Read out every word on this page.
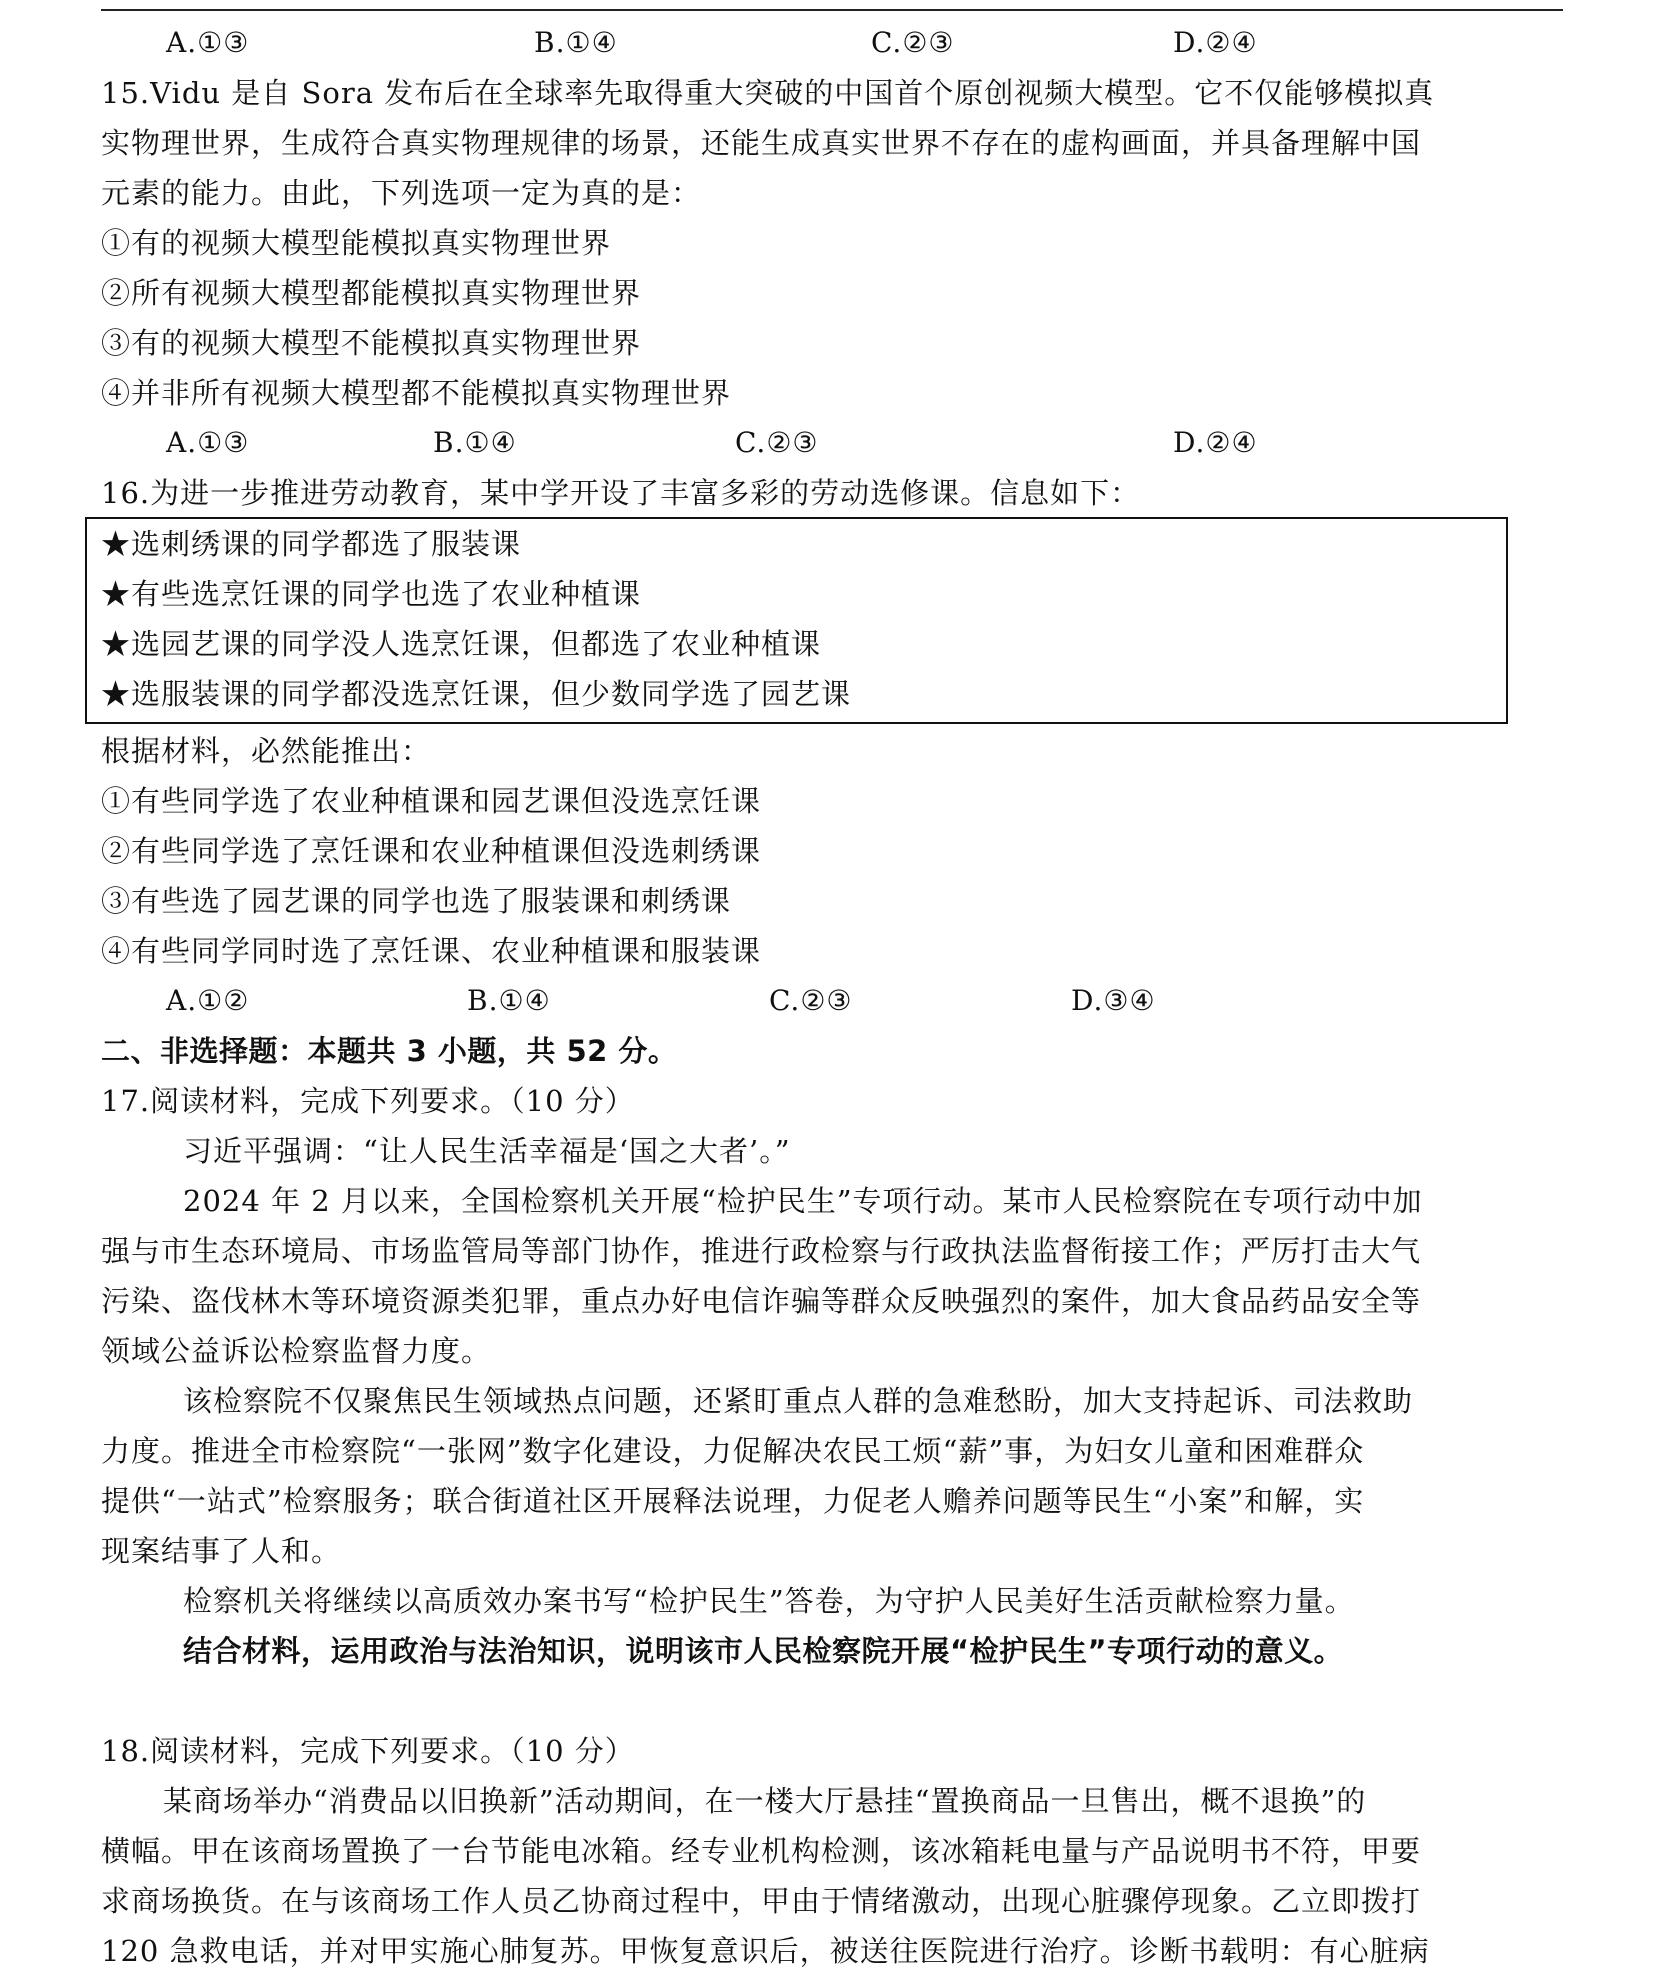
A.①③	B.①④	C.②③	D.②④
15.Vidu 是自 Sora 发布后在全球率先取得重大突破的中国首个原创视频大模型。它不仅能够模拟真
实物理世界，生成符合真实物理规律的场景，还能生成真实世界不存在的虚构画面，并具备理解中国
元素的能力。由此，下列选项一定为真的是：
①有的视频大模型能模拟真实物理世界
②所有视频大模型都能模拟真实物理世界
③有的视频大模型不能模拟真实物理世界
④并非所有视频大模型都不能模拟真实物理世界
A.①③	B.①④	C.②③	D.②④
16.为进一步推进劳动教育，某中学开设了丰富多彩的劳动选修课。信息如下：
★选刺绣课的同学都选了服装课
★有些选烹饪课的同学也选了农业种植课
★选园艺课的同学没人选烹饪课，但都选了农业种植课
★选服装课的同学都没选烹饪课，但少数同学选了园艺课
根据材料，必然能推出：
①有些同学选了农业种植课和园艺课但没选烹饪课
②有些同学选了烹饪课和农业种植课但没选刺绣课
③有些选了园艺课的同学也选了服装课和刺绣课
④有些同学同时选了烹饪课、农业种植课和服装课
A.①②	B.①④	C.②③	D.③④
二、非选择题：本题共 3 小题，共 52 分。
17.阅读材料，完成下列要求。（10 分）
习近平强调：“让人民生活幸福是‘国之大者’。”
2024 年 2 月以来，全国检察机关开展“检护民生”专项行动。某市人民检察院在专项行动中加
强与市生态环境局、市场监管局等部门协作，推进行政检察与行政执法监督衔接工作；严厉打击大气
污染、盗伐林木等环境资源类犯罪，重点办好电信诈骗等群众反映强烈的案件，加大食品药品安全等
领域公益诉讼检察监督力度。
该检察院不仅聚焦民生领域热点问题，还紧盯重点人群的急难愁盼，加大支持起诉、司法救助
力度。推进全市检察院“一张网”数字化建设，力促解决农民工烦“薪”事，为妇女儿童和困难群众
提供“一站式”检察服务；联合街道社区开展释法说理，力促老人赡养问题等民生“小案”和解，实
现案结事了人和。
检察机关将继续以高质效办案书写“检护民生”答卷，为守护人民美好生活贡献检察力量。
结合材料，运用政治与法治知识，说明该市人民检察院开展“检护民生”专项行动的意义。
18.阅读材料，完成下列要求。（10 分）
某商场举办“消费品以旧换新”活动期间，在一楼大厅悬挂“置换商品一旦售出，概不退换”的
横幅。甲在该商场置换了一台节能电冰箱。经专业机构检测，该冰箱耗电量与产品说明书不符，甲要
求商场换货。在与该商场工作人员乙协商过程中，甲由于情绪激动，出现心脏骤停现象。乙立即拨打
120 急救电话，并对甲实施心肺复苏。甲恢复意识后，被送往医院进行治疗。诊断书载明：有心脏病
